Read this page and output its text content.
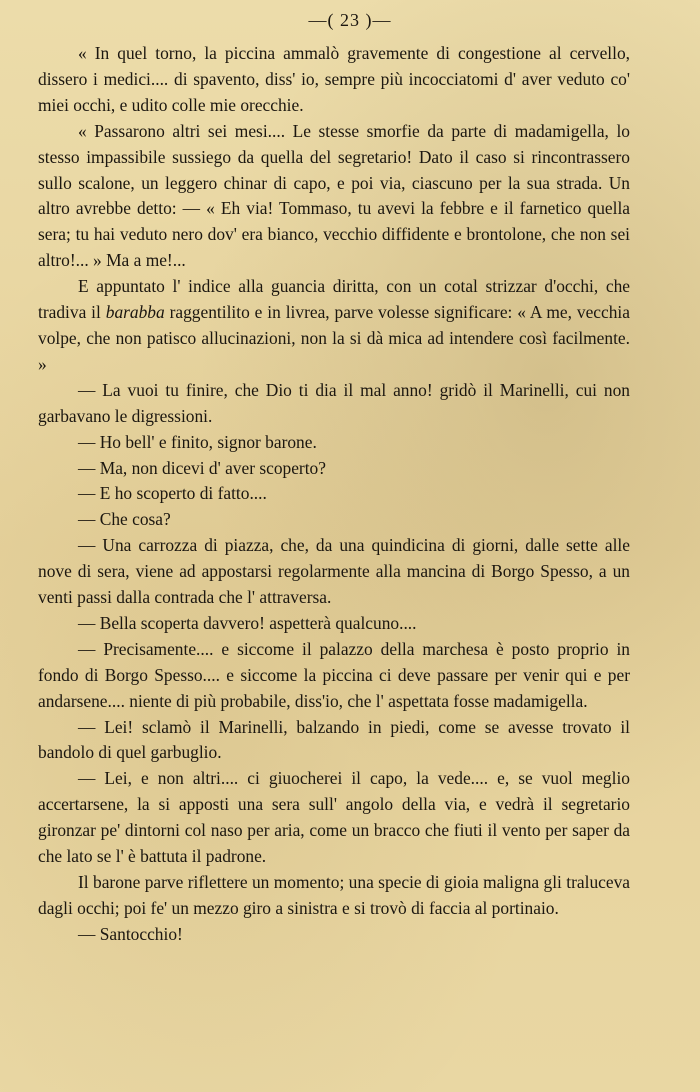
—( 23 )—

« In quel torno, la piccina ammalò gravemente di congestione al cervello, dissero i medici.... di spavento, diss' io, sempre più incocciatomi d' aver veduto co' miei occhi, e udito colle mie orecchie.

« Passarono altri sei mesi.... Le stesse smorfie da parte di madamigella, lo stesso impassibile sussiego da quella del segretario! Dato il caso si rincontrassero sullo scalone, un leggero chinar di capo, e poi via, ciascuno per la sua strada. Un altro avrebbe detto: — « Eh via! Tommaso, tu avevi la febbre e il farnetico quella sera; tu hai veduto nero dov' era bianco, vecchio diffidente e brontolone, che non sei altro!... » Ma a me!...

E appuntato l' indice alla guancia diritta, con un cotal strizzar d'occhi, che tradiva il barabba raggentilito e in livrea, parve volesse significare: « A me, vecchia volpe, che non patisco allucinazioni, non la si dà mica ad intendere così facilmente. »

— La vuoi tu finire, che Dio ti dia il mal anno! gridò il Marinelli, cui non garbavano le digressioni.

— Ho bell' e finito, signor barone.

— Ma, non dicevi d' aver scoperto?

— E ho scoperto di fatto....

— Che cosa?

— Una carrozza di piazza, che, da una quindicina di giorni, dalle sette alle nove di sera, viene ad appostarsi regolarmente alla mancina di Borgo Spesso, a un venti passi dalla contrada che l' attraversa.

— Bella scoperta davvero! aspetterà qualcuno....

— Precisamente.... e siccome il palazzo della marchesa è posto proprio in fondo di Borgo Spesso.... e siccome la piccina ci deve passare per venir qui e per andarsene.... niente di più probabile, diss'io, che l' aspettata fosse madamigella.

— Lei! sclamò il Marinelli, balzando in piedi, come se avesse trovato il bandolo di quel garbuglio.

— Lei, e non altri.... ci giuocherei il capo, la vede.... e, se vuol meglio accertarsene, la si apposti una sera sull' angolo della via, e vedrà il segretario gironzar pe' dintorni col naso per aria, come un bracco che fiuti il vento per saper da che lato se l' è battuta il padrone.

Il barone parve riflettere un momento; una specie di gioia maligna gli traluceva dagli occhi; poi fe' un mezzo giro a sinistra e si trovò di faccia al portinaio.

— Santocchio!
